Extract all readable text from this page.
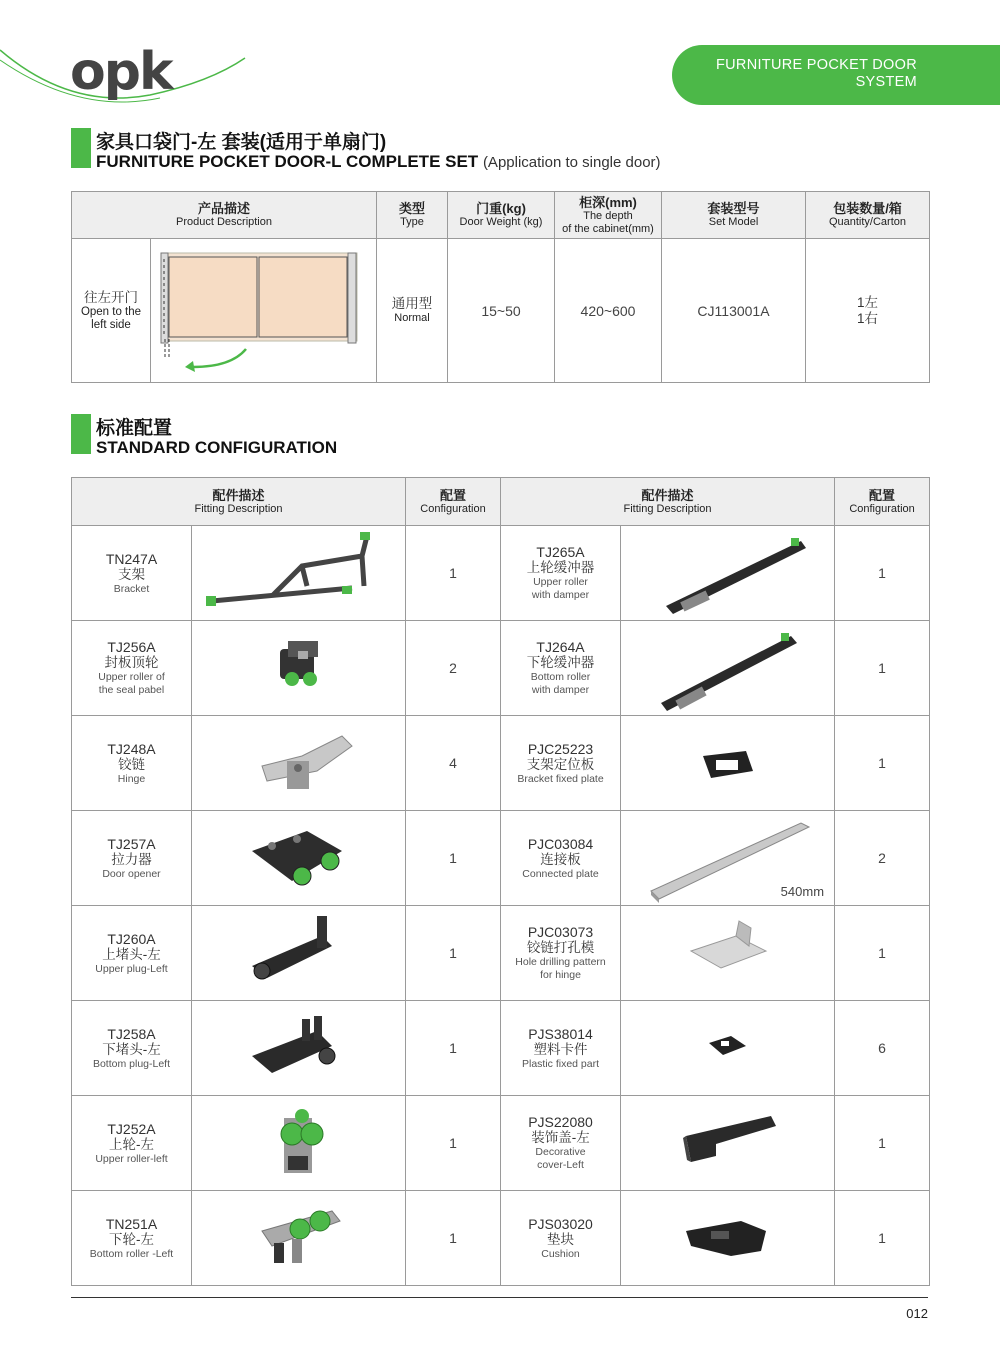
opk	FURNITURE POCKET DOOR
SYSTEM
家具口袋门-左 套装(适用于单扇门)
FURNITURE POCKET DOOR-L COMPLETE SET (Application to single door)
产品描述
Product Description		类型
Type	门重(kg)
Door Weight (kg)	柜深(mm)
The depth
of the cabinet(mm)	套装型号
Set Model	包装数量/箱
Quantity/Carton

往左开门
Open to the
left side		通用型
Normal	15~50	420~600	CJ113001A	1左
1右
标准配置
STANDARD CONFIGURATION
配件描述
Fitting Description		配置
Configuration	配件描述
Fitting Description		配置
Configuration

TN247A
支架
Bracket		1	TJ265A
上轮缓冲器
Upper roller
with damper		1

TJ256A
封板顶轮
Upper roller of
the seal pabel		2	TJ264A
下轮缓冲器
Bottom roller
with damper		1

TJ248A
铰链
Hinge		4	PJC25223
支架定位板
Bracket fixed plate		1

TJ257A
拉力器
Door opener		1	PJC03084
连接板
Connected plate	540mm	2

TJ260A
上堵头-左
Upper plug-Left		1	PJC03073
铰链打孔模
Hole drilling pattern
for hinge		1

TJ258A
下堵头-左
Bottom plug-Left		1	PJS38014
塑料卡件
Plastic fixed part		6

TJ252A
上轮-左
Upper roller-left		1	PJS22080
装饰盖-左
Decorative
cover-Left		1

TN251A
下轮-左
Bottom roller -Left		1	PJS03020
垫块
Cushion		1
012
